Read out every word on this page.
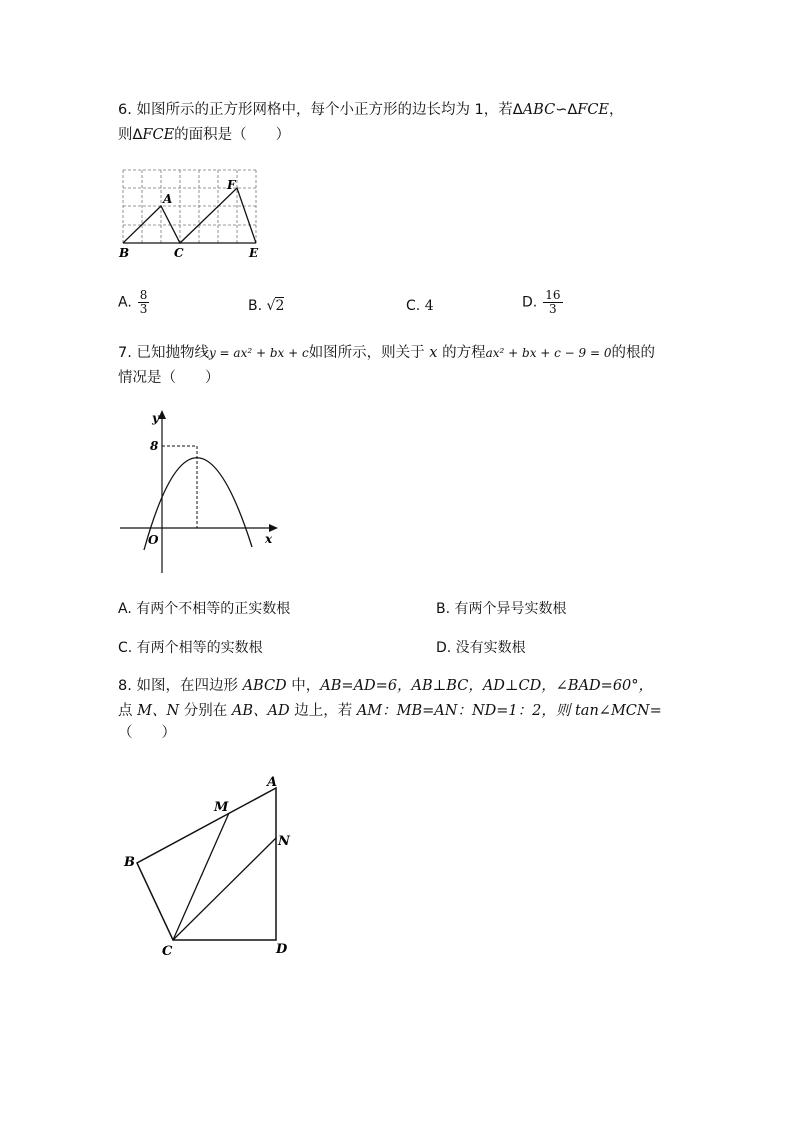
6. 如图所示的正方形网格中，每个小正方形的边长均为 1，若ΔABC∽ΔFCE，
则ΔFCE的面积是（　　）
A
F
B	C	E
A. $\frac{8}{3}$	B. √2	C. 4	D. $\frac{16}{3}$
7. 已知抛物线y = ax² + bx + c如图所示，则关于 x 的方程ax² + bx + c − 9 = 0的根的
情况是（　　）
y
x
O
8
A. 有两个不相等的正实数根	B. 有两个异号实数根
C. 有两个相等的实数根	D. 没有实数根
8. 如图，在四边形 ABCD 中，AB=AD=6，AB⊥BC，AD⊥CD，∠BAD=60°，
点 M、N 分别在 AB、AD 边上，若 AM：MB=AN：ND=1：2，则 tan∠MCN=
（　　）
A
B
C	D
M
N
